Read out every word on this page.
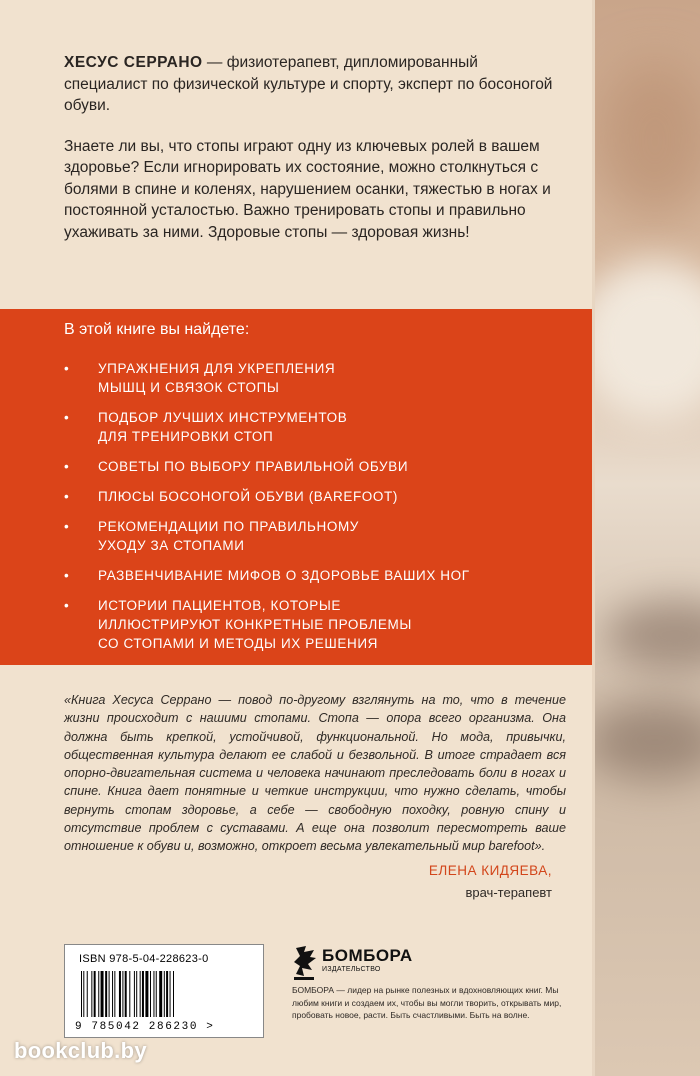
ХЕСУС СЕРРАНО — физиотерапевт, дипломированный специалист по физической культуре и спорту, эксперт по босоногой обуви.

Знаете ли вы, что стопы играют одну из ключевых ролей в вашем здоровье? Если игнорировать их состояние, можно столкнуться с болями в спине и коленях, нарушением осанки, тяжестью в ногах и постоянной усталостью. Важно тренировать стопы и правильно ухаживать за ними. Здоровые стопы — здоровая жизнь!

В этой книге вы найдете:
• УПРАЖНЕНИЯ ДЛЯ УКРЕПЛЕНИЯ
МЫШЦ И СВЯЗОК СТОПЫ
• ПОДБОР ЛУЧШИХ ИНСТРУМЕНТОВ
ДЛЯ ТРЕНИРОВКИ СТОП
• СОВЕТЫ ПО ВЫБОРУ ПРАВИЛЬНОЙ ОБУВИ
• ПЛЮСЫ БОСОНОГОЙ ОБУВИ (BAREFOOT)
• РЕКОМЕНДАЦИИ ПО ПРАВИЛЬНОМУ
УХОДУ ЗА СТОПАМИ
• РАЗВЕНЧИВАНИЕ МИФОВ О ЗДОРОВЬЕ ВАШИХ НОГ
• ИСТОРИИ ПАЦИЕНТОВ, КОТОРЫЕ
ИЛЛЮСТРИРУЮТ КОНКРЕТНЫЕ ПРОБЛЕМЫ
СО СТОПАМИ И МЕТОДЫ ИХ РЕШЕНИЯ
«Книга Хесуса Серрано — повод по-другому взглянуть на то, что в течение жизни происходит с нашими стопами. Стопа — опора всего организма. Она должна быть крепкой, устойчивой, функциональной. Но мода, привычки, общественная культура делают ее слабой и безвольной. В итоге страдает вся опорно-двигательная система и человека начинают преследовать боли в ногах и спине. Книга дает понятные и четкие инструкции, что нужно сделать, чтобы вернуть стопам здоровье, а себе — свободную походку, ровную спину и отсутствие проблем с суставами. А еще она позволит пересмотреть ваше отношение к обуви и, возможно, откроет весьма увлекательный мир barefoot».
ЕЛЕНА КИДЯЕВА,
врач-терапевт
ISBN 978-5-04-228623-0
9 785042 286230 >
БОМБОРА
ИЗДАТЕЛЬСТВО
БОМБОРА — лидер на рынке полезных и вдохновляющих книг. Мы любим книги и создаем их, чтобы вы могли творить, открывать мир, пробовать новое, расти. Быть счастливыми. Быть на волне.
bookclub.by
